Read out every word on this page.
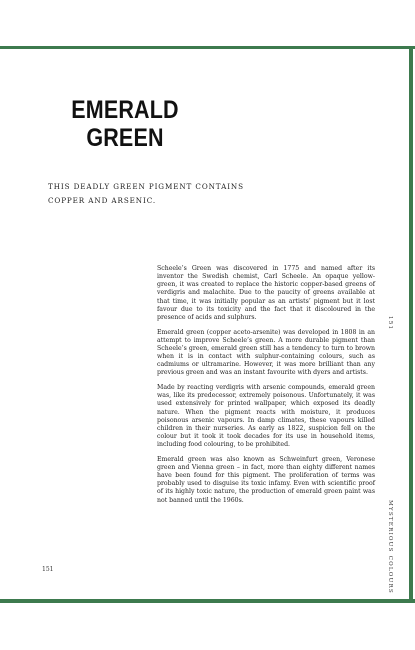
EMERALD GREEN
THIS DEADLY GREEN PIGMENT CONTAINS COPPER AND ARSENIC.

Scheele’s Green was discovered in 1775 and named after its inventor the Swedish chemist, Carl Scheele. An opaque yellow-green, it was created to replace the historic copper-based greens of verdigris and malachite. Due to the paucity of greens available at that time, it was initially popular as an artists’ pigment but it lost favour due to its toxicity and the fact that it discoloured in the presence of acids and sulphurs.

Emerald green (copper aceto-arsenite) was developed in 1808 in an attempt to improve Scheele’s green. A more durable pigment than Scheele’s green, emerald green still has a tendency to turn to brown when it is in contact with sulphur-containing colours, such as cadmiums or ultramarine. However, it was more brilliant than any previous green and was an instant favourite with dyers and artists.

Made by reacting verdigris with arsenic compounds, emerald green was, like its predecessor, extremely poisonous. Unfortunately, it was used extensively for printed wallpaper, which exposed its deadly nature. When the pigment reacts with moisture, it produces poisonous arsenic vapours. In damp climates, these vapours killed children in their nurseries. As early as 1822, suspicion fell on the colour but it took it took decades for its use in household items, including food colouring, to be prohibited.

Emerald green was also known as Schweinfurt green, Veronese green and Vienna green – in fact, more than eighty different names have been found for this pigment. The proliferation of terms was probably used to disguise its toxic infamy. Even with scientific proof of its highly toxic nature, the production of emerald green paint was not banned until the 1960s.

151
MYSTERIOUS COLOURS
151
